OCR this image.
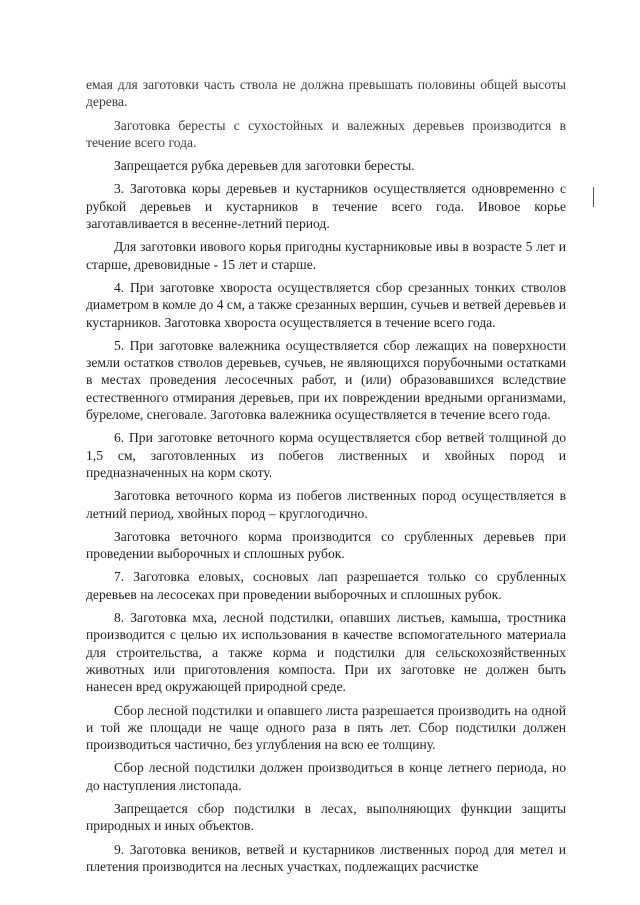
емая для заготовки часть ствола не должна превышать половины общей высоты дерева.

Заготовка бересты с сухостойных и валежных деревьев производится в течение всего года.

Запрещается рубка деревьев для заготовки бересты.

3. Заготовка коры деревьев и кустарников осуществляется одновременно с рубкой деревьев и кустарников в течение всего года. Ивовое корье заготавливается в весенне-летний период.

Для заготовки ивового корья пригодны кустарниковые ивы в возрасте 5 лет и старше, древовидные - 15 лет и старше.

4. При заготовке хвороста осуществляется сбор срезанных тонких стволов диаметром в комле до 4 см, а также срезанных вершин, сучьев и ветвей деревьев и кустарников. Заготовка хвороста осуществляется в течение всего года.

5. При заготовке валежника осуществляется сбор лежащих на поверхности земли остатков стволов деревьев, сучьев, не являющихся порубочными остатками в местах проведения лесосечных работ, и (или) образовавшихся вследствие естественного отмирания деревьев, при их повреждении вредными организмами, буреломе, снеговале. Заготовка валежника осуществляется в течение всего года.

6. При заготовке веточного корма осуществляется сбор ветвей толщиной до 1,5 см, заготовленных из побегов лиственных и хвойных пород и предназначенных на корм скоту.

Заготовка веточного корма из побегов лиственных пород осуществляется в летний период, хвойных пород – круглогодично.

Заготовка веточного корма производится со срубленных деревьев при проведении выборочных и сплошных рубок.

7. Заготовка еловых, сосновых лап разрешается только со срубленных деревьев на лесосеках при проведении выборочных и сплошных рубок.

8. Заготовка мха, лесной подстилки, опавших листьев, камыша, тростника производится с целью их использования в качестве вспомогательного материала для строительства, а также корма и подстилки для сельскохозяйственных животных или приготовления компоста. При их заготовке не должен быть нанесен вред окружающей природной среде.

Сбор лесной подстилки и опавшего листа разрешается производить на одной и той же площади не чаще одного раза в пять лет. Сбор подстилки должен производиться частично, без углубления на всю ее толщину.

Сбор лесной подстилки должен производиться в конце летнего периода, но до наступления листопада.

Запрещается сбор подстилки в лесах, выполняющих функции защиты природных и иных объектов.

9. Заготовка веников, ветвей и кустарников лиственных пород для метел и плетения производится на лесных участках, подлежащих расчистке
